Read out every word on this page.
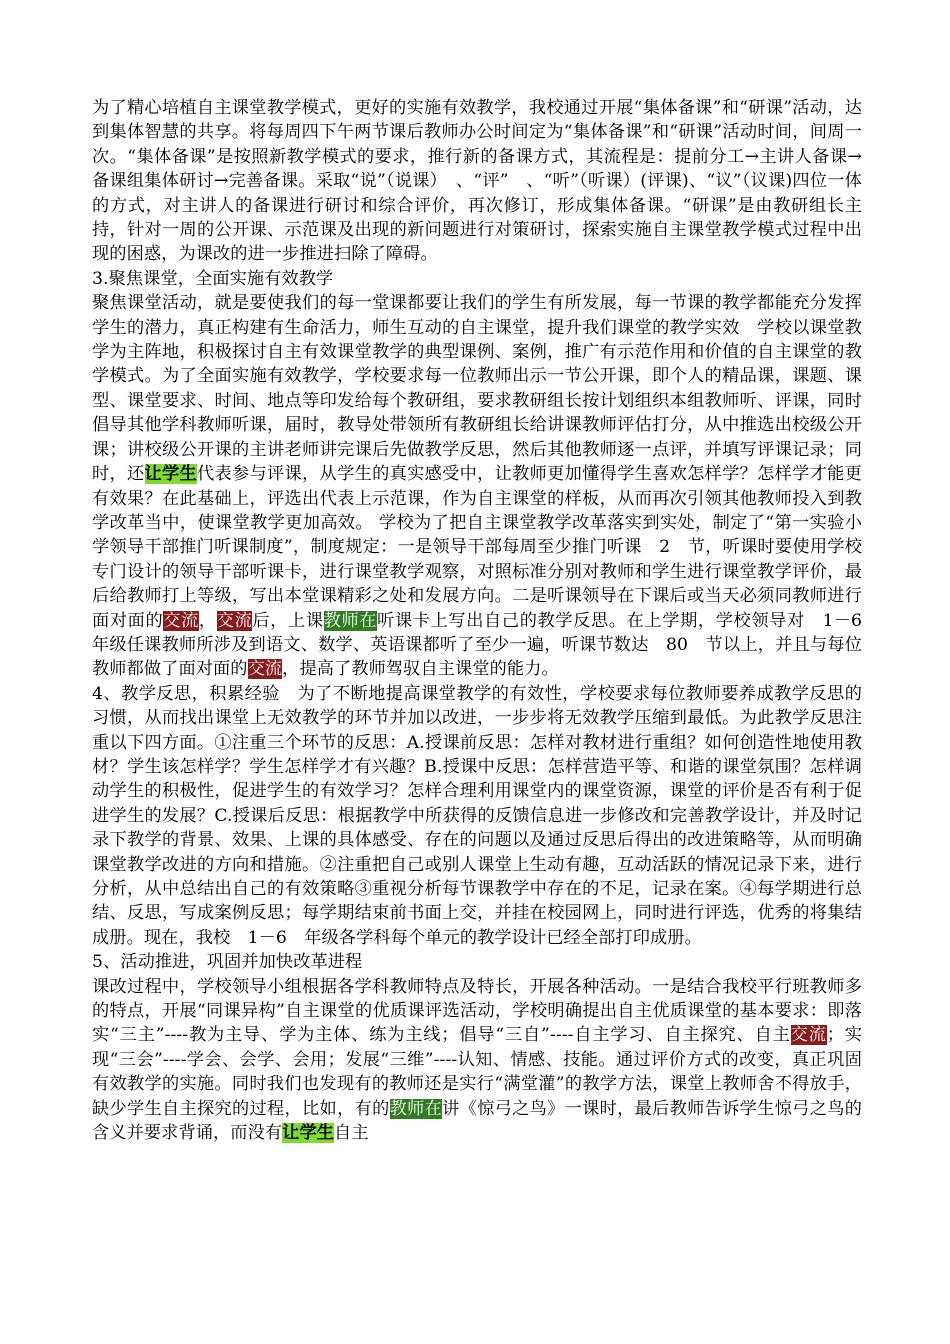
为了精心培植自主课堂教学模式，更好的实施有效教学，我校通过开展“集体备课”和“研课”活动，达到集体智慧的共享。将每周四下午两节课后教师办公时间定为“集体备课”和“研课”活动时间，间周一次。“集体备课”是按照新教学模式的要求，推行新的备课方式，其流程是：提前分工→主讲人备课→备课组集体研讨→完善备课。采取“说”（说课）　、“评”　、“听”（听课）(评课)、“议”（议课)四位一体的方式，对主讲人的备课进行研讨和综合评价，再次修订，形成集体备课。“研课”是由教研组长主持，针对一周的公开课、示范课及出现的新问题进行对策研讨，探索实施自主课堂教学模式过程中出现的困惑，为课改的进一步推进扫除了障碍。

3.聚焦课堂，全面实施有效教学

聚焦课堂活动，就是要使我们的每一堂课都要让我们的学生有所发展，每一节课的教学都能充分发挥学生的潜力，真正构建有生命活力，师生互动的自主课堂，提升我们课堂的教学实效　学校以课堂教学为主阵地，积极探讨自主有效课堂教学的典型课例、案例，推广有示范作用和价值的自主课堂的教学模式。为了全面实施有效教学，学校要求每一位教师出示一节公开课，即个人的精品课，课题、课型、课堂要求、时间、地点等印发给每个教研组，要求教研组长按计划组织本组教师听、评课，同时倡导其他学科教师听课，届时，教导处带领所有教研组长给讲课教师评估打分，从中推选出校级公开课；讲校级公开课的主讲老师讲完课后先做教学反思，然后其他教师逐一点评，并填写评课记录；同时，还让学生代表参与评课，从学生的真实感受中，让教师更加懂得学生喜欢怎样学？怎样学才能更有效果？在此基础上，评选出代表上示范课，作为自主课堂的样板，从而再次引领其他教师投入到教学改革当中，使课堂教学更加高效。 学校为了把自主课堂教学改革落实到实处，制定了“第一实验小学领导干部推门听课制度”，制度规定：一是领导干部每周至少推门听课　2　节，听课时要使用学校专门设计的领导干部听课卡，进行课堂教学观察，对照标准分别对教师和学生进行课堂教学评价，最后给教师打上等级，写出本堂课精彩之处和发展方向。二是听课领导在下课后或当天必须同教师进行面对面的交流，交流后，上课教师在听课卡上写出自己的教学反思。在上学期，学校领导对　1－6　年级任课教师所涉及到语文、数学、英语课都听了至少一遍，听课节数达　80　节以上，并且与每位教师都做了面对面的交流，提高了教师驾驭自主课堂的能力。

4、教学反思，积累经验　为了不断地提高课堂教学的有效性，学校要求每位教师要养成教学反思的习惯，从而找出课堂上无效教学的环节并加以改进，一步步将无效教学压缩到最低。为此教学反思注重以下四方面。①注重三个环节的反思：A.授课前反思：怎样对教材进行重组？如何创造性地使用教材？学生该怎样学？学生怎样学才有兴趣？B.授课中反思：怎样营造平等、和谐的课堂氛围？怎样调动学生的积极性，促进学生的有效学习？怎样合理利用课堂内的课堂资源，课堂的评价是否有利于促进学生的发展？C.授课后反思：根据教学中所获得的反馈信息进一步修改和完善教学设计，并及时记录下教学的背景、效果、上课的具体感受、存在的问题以及通过反思后得出的改进策略等，从而明确课堂教学改进的方向和措施。②注重把自己或别人课堂上生动有趣，互动活跃的情况记录下来，进行分析，从中总结出自己的有效策略③重视分析每节课教学中存在的不足，记录在案。④每学期进行总结、反思，写成案例反思；每学期结束前书面上交，并挂在校园网上，同时进行评选，优秀的将集结成册。现在，我校　1－6　年级各学科每个单元的教学设计已经全部打印成册。

5、活动推进，巩固并加快改革进程

课改过程中，学校领导小组根据各学科教师特点及特长，开展各种活动。一是结合我校平行班教师多的特点，开展“同课异构”自主课堂的优质课评选活动，学校明确提出自主优质课堂的基本要求：即落实“三主”----教为主导、学为主体、练为主线；倡导“三自”----自主学习、自主探究、自主交流；实现“三会”----学会、会学、会用；发展“三维”----认知、情感、技能。通过评价方式的改变，真正巩固有效教学的实施。同时我们也发现有的教师还是实行“满堂灌”的教学方法，课堂上教师舍不得放手，缺少学生自主探究的过程，比如，有的教师在讲《惊弓之鸟》一课时，最后教师告诉学生惊弓之鸟的含义并要求背诵，而没有让学生自主
